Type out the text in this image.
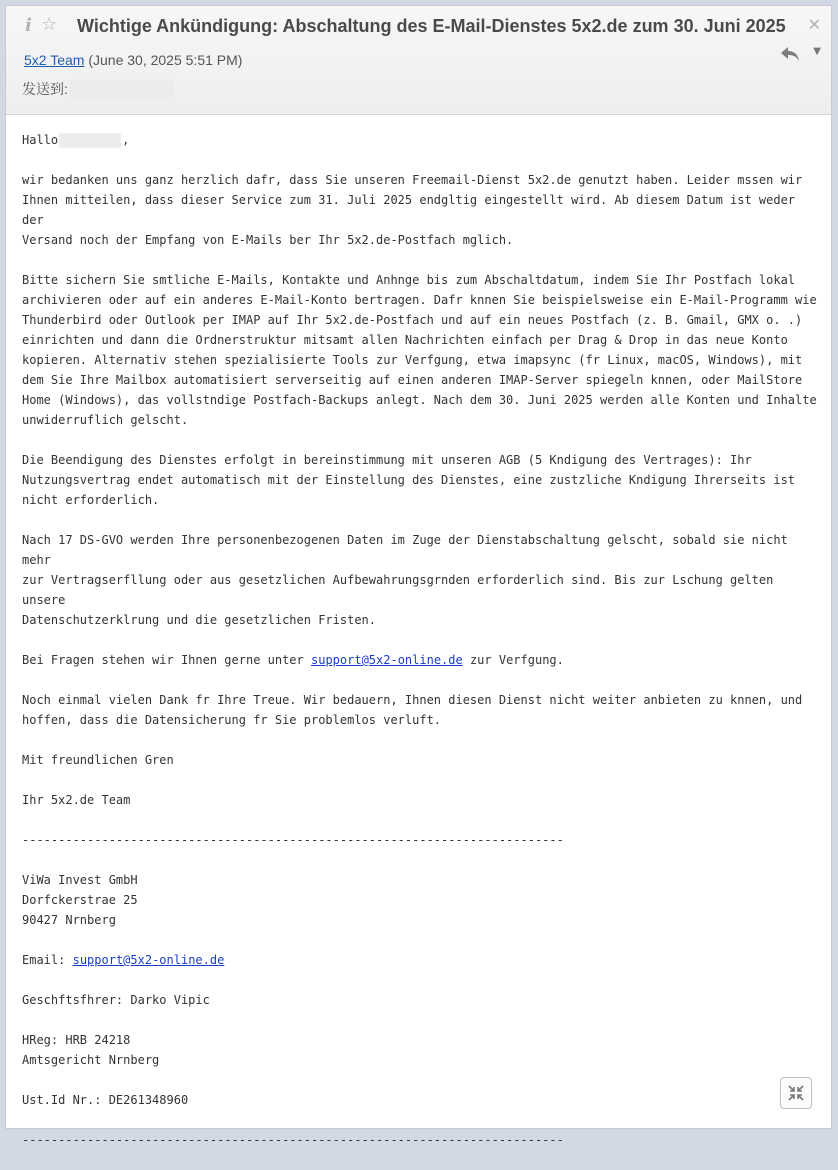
i ☆ Wichtige Ankündigung: Abschaltung des E-Mail-Dienstes 5x2.de zum 30. Juni 2025 ✕
5x2 Team (June 30, 2025 5:51 PM)
▼
发送到:

Hallo	,

wir bedanken uns ganz herzlich dafr, dass Sie unseren Freemail-Dienst 5x2.de genutzt haben. Leider mssen wir
Ihnen mitteilen, dass dieser Service zum 31. Juli 2025 endgltig eingestellt wird. Ab diesem Datum ist weder der
Versand noch der Empfang von E-Mails ber Ihr 5x2.de-Postfach mglich.

Bitte sichern Sie smtliche E-Mails, Kontakte und Anhnge bis zum Abschaltdatum, indem Sie Ihr Postfach lokal
archivieren oder auf ein anderes E-Mail-Konto bertragen. Dafr knnen Sie beispielsweise ein E-Mail-Programm wie
Thunderbird oder Outlook per IMAP auf Ihr 5x2.de-Postfach und auf ein neues Postfach (z. B. Gmail, GMX o. .)
einrichten und dann die Ordnerstruktur mitsamt allen Nachrichten einfach per Drag & Drop in das neue Konto
kopieren. Alternativ stehen spezialisierte Tools zur Verfgung, etwa imapsync (fr Linux, macOS, Windows), mit
dem Sie Ihre Mailbox automatisiert serverseitig auf einen anderen IMAP-Server spiegeln knnen, oder MailStore
Home (Windows), das vollstndige Postfach-Backups anlegt. Nach dem 30. Juni 2025 werden alle Konten und Inhalte
unwiderruflich gelscht.

Die Beendigung des Dienstes erfolgt in bereinstimmung mit unseren AGB (5 Kndigung des Vertrages): Ihr
Nutzungsvertrag endet automatisch mit der Einstellung des Dienstes, eine zustzliche Kndigung Ihrerseits ist
nicht erforderlich.

Nach 17 DS-GVO werden Ihre personenbezogenen Daten im Zuge der Dienstabschaltung gelscht, sobald sie nicht mehr
zur Vertragserfllung oder aus gesetzlichen Aufbewahrungsgrnden erforderlich sind. Bis zur Lschung gelten unsere
Datenschutzerklrung und die gesetzlichen Fristen.

Bei Fragen stehen wir Ihnen gerne unter support@5x2-online.de zur Verfgung.

Noch einmal vielen Dank fr Ihre Treue. Wir bedauern, Ihnen diesen Dienst nicht weiter anbieten zu knnen, und
hoffen, dass die Datensicherung fr Sie problemlos verluft.

Mit freundlichen Gren

Ihr 5x2.de Team

---------------------------------------------------------------------------

ViWa Invest GmbH
Dorfckerstrae 25
90427 Nrnberg

Email: support@5x2-online.de

Geschftsfhrer: Darko Vipic

HReg: HRB 24218
Amtsgericht Nrnberg

Ust.Id Nr.: DE261348960

---------------------------------------------------------------------------
